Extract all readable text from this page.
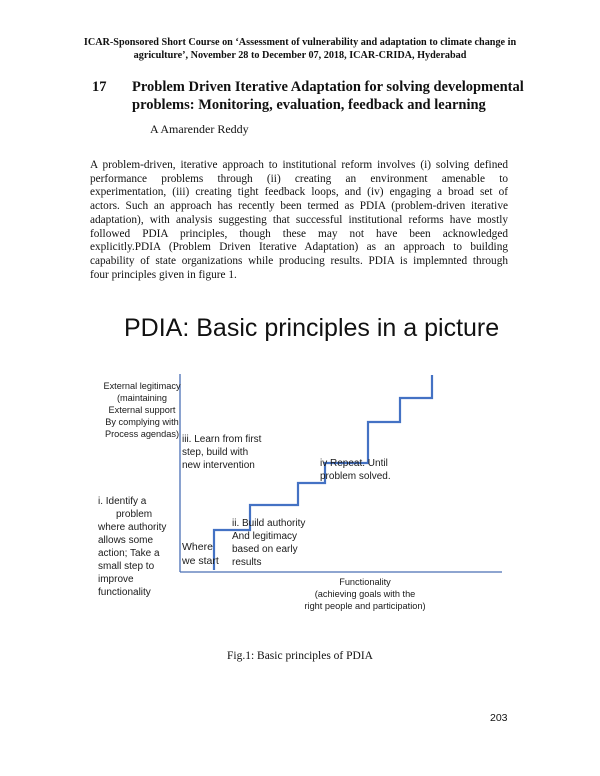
ICAR-Sponsored Short Course on ‘Assessment of vulnerability and adaptation to climate change in
agriculture’, November 28 to December 07, 2018, ICAR-CRIDA, Hyderabad
17 Problem Driven Iterative Adaptation for solving developmental
problems: Monitoring, evaluation, feedback and learning
A Amarender Reddy
A problem-driven, iterative approach to institutional reform involves (i) solving defined
performance problems through (ii) creating an environment amenable to
experimentation, (iii) creating tight feedback loops, and (iv) engaging a broad set of
actors. Such an approach has recently been termed as PDIA (problem-driven iterative
adaptation), with analysis suggesting that successful institutional reforms have mostly
followed PDIA principles, though these may not have been acknowledged
explicitly.PDIA (Problem Driven Iterative Adaptation) as an approach to building
capability of state organizations while producing results. PDIA is implemnted through
four principles given in figure 1.
PDIA: Basic principles in a picture
External legitimacy
(maintaining
External support
By complying with
Process agendas)
i. Identify a
problem
where authority
allows some
action; Take a
small step to
improve
functionality
Where
we start
ii. Build authority
And legitimacy
based on early
results
iii. Learn from first
step, build with
new intervention	iv Repeat. Until
problem solved.
Functionality
(achieving goals with the
right people and participation)
Fig.1: Basic principles of PDIA
203
